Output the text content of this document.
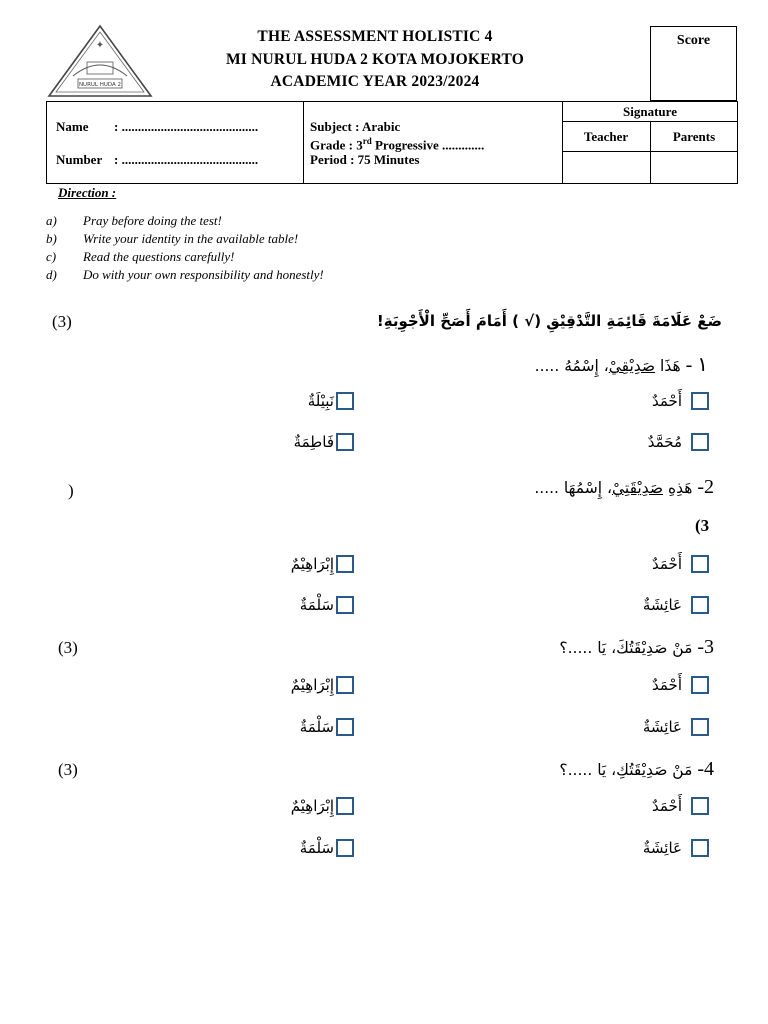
✦
NURUL HUDA 2
THE ASSESSMENT HOLISTIC 4
MI NURUL HUDA 2 KOTA MOJOKERTO
ACADEMIC YEAR 2023/2024
Score
Name : ..........................................
Number : ..........................................
Subject : Arabic
Grade : 3rd Progressive .............
Period : 75 Minutes
Signature
Teacher	Parents
Direction :
a) Pray before doing the test!
b) Write your identity in the available table!
c) Read the questions carefully!
d) Do with your own responsibility and honestly!
ضَعْ عَلَامَةَ قَائِمَةِ التَّدْقِيْقِ (√ ) أَمَامَ أَصَحِّ الْأَجْوِبَةِ!
(3)
١ - هَذَا صَدِيْقِيْ، إِسْمُهُ .....
أَحْمَدٌ
نَبِيْلَةٌ
مُحَمَّدٌ
فَاطِمَةٌ
2- هَذِهِ صَدِيْقَتِيْ، إِسْمُهَا .....
)
(3
أَحْمَدٌ
إِبْرَاهِيْمٌ
عَائِشَةٌ
سَلْمَةٌ
3- مَنْ صَدِيْقَتُكَ، يَا .....؟
(3)
أَحْمَدٌ
إِبْرَاهِيْمٌ
عَائِشَةٌ
سَلْمَةٌ
4- مَنْ صَدِيْقَتُكِ، يَا .....؟
(3)
أَحْمَدٌ
إِبْرَاهِيْمٌ
عَائِشَةٌ
سَلْمَةٌ
